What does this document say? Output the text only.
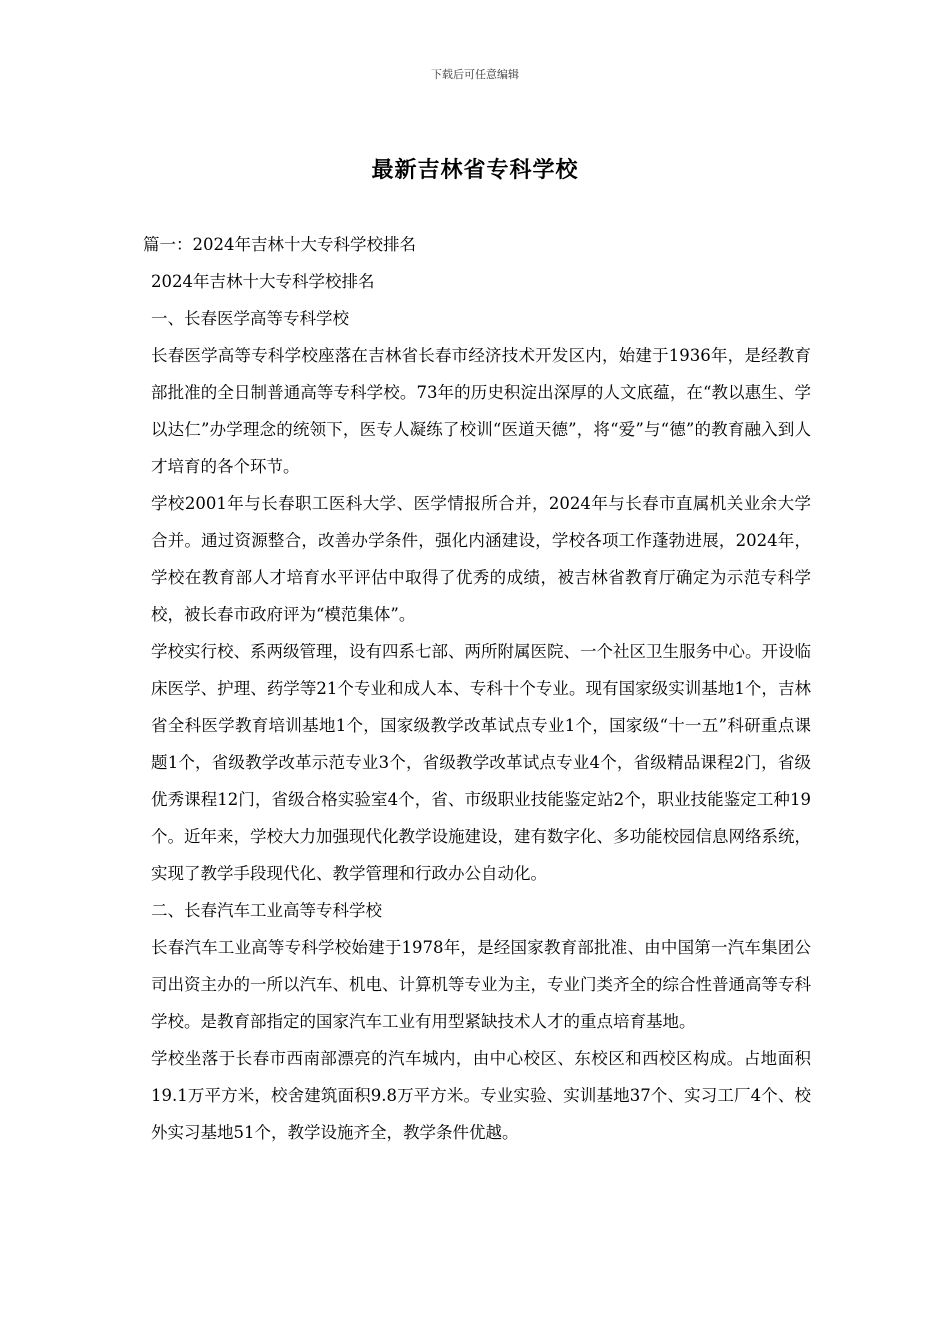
下载后可任意编辑
最新吉林省专科学校

篇一：2024年吉林十大专科学校排名

2024年吉林十大专科学校排名

一、长春医学高等专科学校

长春医学高等专科学校座落在吉林省长春市经济技术开发区内，始建于1936年，是经教育部批准的全日制普通高等专科学校。73年的历史积淀出深厚的人文底蕴，在“教以惠生、学以达仁”办学理念的统领下，医专人凝练了校训“医道天德”，将“爱”与“德”的教育融入到人才培育的各个环节。

学校2001年与长春职工医科大学、医学情报所合并，2024年与长春市直属机关业余大学合并。通过资源整合，改善办学条件，强化内涵建设，学校各项工作蓬勃进展，2024年，学校在教育部人才培育水平评估中取得了优秀的成绩，被吉林省教育厅确定为示范专科学校，被长春市政府评为“模范集体”。

学校实行校、系两级管理，设有四系七部、两所附属医院、一个社区卫生服务中心。开设临床医学、护理、药学等21个专业和成人本、专科十个专业。现有国家级实训基地1个，吉林省全科医学教育培训基地1个，国家级教学改革试点专业1个，国家级“十一五”科研重点课题1个，省级教学改革示范专业3个，省级教学改革试点专业4个，省级精品课程2门，省级优秀课程12门，省级合格实验室4个，省、市级职业技能鉴定站2个，职业技能鉴定工种19个。近年来，学校大力加强现代化教学设施建设，建有数字化、多功能校园信息网络系统，实现了教学手段现代化、教学管理和行政办公自动化。

二、长春汽车工业高等专科学校

长春汽车工业高等专科学校始建于1978年，是经国家教育部批准、由中国第一汽车集团公司出资主办的一所以汽车、机电、计算机等专业为主，专业门类齐全的综合性普通高等专科学校。是教育部指定的国家汽车工业有用型紧缺技术人才的重点培育基地。

学校坐落于长春市西南部漂亮的汽车城内，由中心校区、东校区和西校区构成。占地面积19.1万平方米，校舍建筑面积9.8万平方米。专业实验、实训基地37个、实习工厂4个、校外实习基地51个，教学设施齐全，教学条件优越。
